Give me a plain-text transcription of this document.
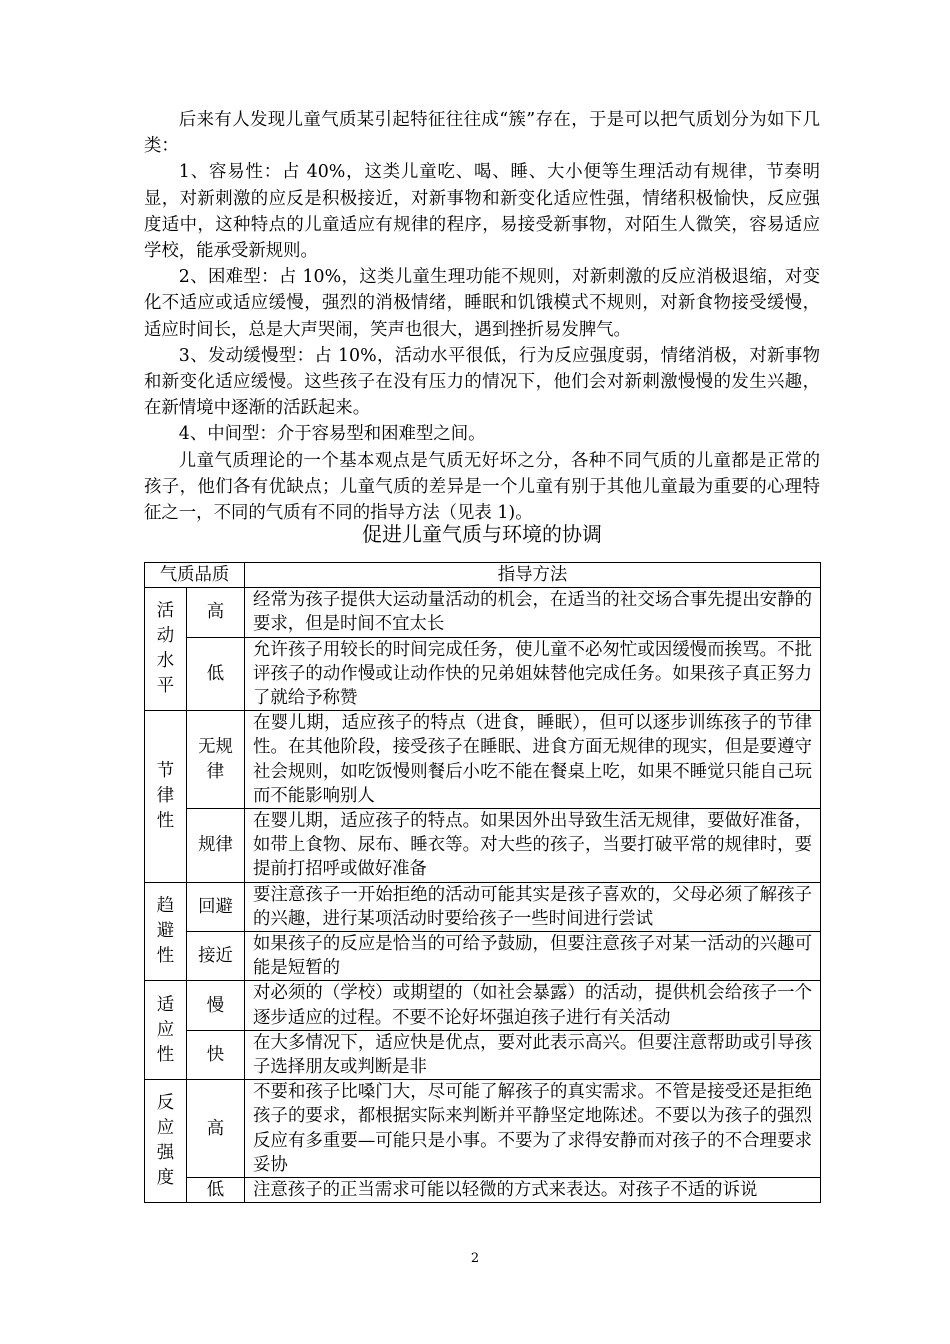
后来有人发现儿童气质某引起特征往往成“簇”存在，于是可以把气质划分为如下几类：

1、容易性：占 40%，这类儿童吃、喝、睡、大小便等生理活动有规律，节奏明显，对新刺激的应反是积极接近，对新事物和新变化适应性强，情绪积极愉快，反应强度适中，这种特点的儿童适应有规律的程序，易接受新事物，对陌生人微笑，容易适应学校，能承受新规则。

2、困难型：占 10%，这类儿童生理功能不规则，对新刺激的反应消极退缩，对变化不适应或适应缓慢，强烈的消极情绪，睡眠和饥饿模式不规则，对新食物接受缓慢，适应时间长，总是大声哭闹，笑声也很大，遇到挫折易发脾气。

3、发动缓慢型：占 10%，活动水平很低，行为反应强度弱，情绪消极，对新事物和新变化适应缓慢。这些孩子在没有压力的情况下，他们会对新刺激慢慢的发生兴趣，在新情境中逐渐的活跃起来。

4、中间型：介于容易型和困难型之间。

儿童气质理论的一个基本观点是气质无好坏之分，各种不同气质的儿童都是正常的孩子，他们各有优缺点；儿童气质的差异是一个儿童有别于其他儿童最为重要的心理特征之一，不同的气质有不同的指导方法（见表 1)。

促进儿童气质与环境的协调
气质品质		指导方法
活动水平	高	经常为孩子提供大运动量活动的机会，在适当的社交场合事先提出安静的要求，但是时间不宜太长
	低	允许孩子用较长的时间完成任务，使儿童不必匆忙或因缓慢而挨骂。不批评孩子的动作慢或让动作快的兄弟姐妹替他完成任务。如果孩子真正努力了就给予称赞
节律性	无规律	在婴儿期，适应孩子的特点（进食，睡眠），但可以逐步训练孩子的节律性。在其他阶段，接受孩子在睡眠、进食方面无规律的现实，但是要遵守社会规则，如吃饭慢则餐后小吃不能在餐桌上吃，如果不睡觉只能自己玩而不能影响别人
	规律	在婴儿期，适应孩子的特点。如果因外出导致生活无规律，要做好准备，如带上食物、尿布、睡衣等。对大些的孩子，当要打破平常的规律时，要提前打招呼或做好准备
趋避性	回避	要注意孩子一开始拒绝的活动可能其实是孩子喜欢的，父母必须了解孩子的兴趣，进行某项活动时要给孩子一些时间进行尝试
	接近	如果孩子的反应是恰当的可给予鼓励，但要注意孩子对某一活动的兴趣可能是短暂的
适应性	慢	对必须的（学校）或期望的（如社会暴露）的活动，提供机会给孩子一个逐步适应的过程。不要不论好坏强迫孩子进行有关活动
	快	在大多情况下，适应快是优点，要对此表示高兴。但要注意帮助或引导孩子选择朋友或判断是非
反应强度	高	不要和孩子比嗓门大，尽可能了解孩子的真实需求。不管是接受还是拒绝孩子的要求，都根据实际来判断并平静坚定地陈述。不要以为孩子的强烈反应有多重要—可能只是小事。不要为了求得安静而对孩子的不合理要求妥协
	低	注意孩子的正当需求可能以轻微的方式来表达。对孩子不适的诉说
2
